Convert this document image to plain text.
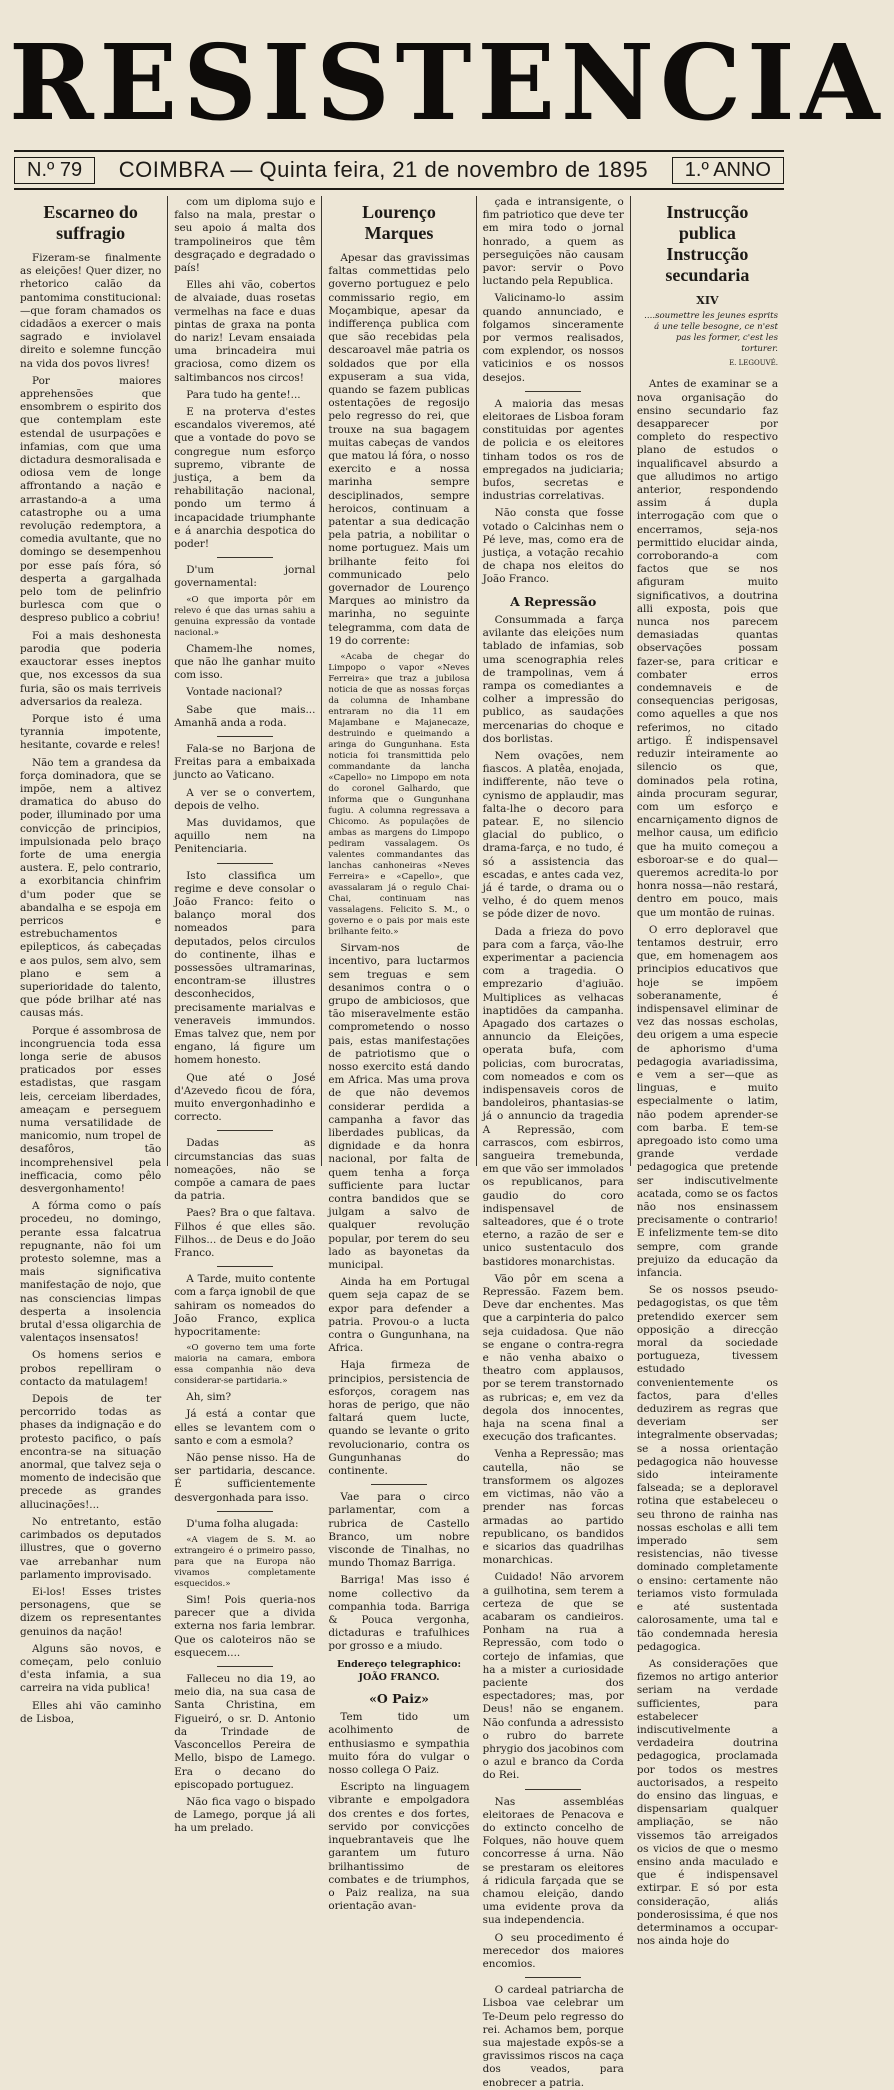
RESISTENCIA
N.º 79	COIMBRA — Quinta feira, 21 de novembro de 1895	1.º ANNO
Escarneo do suffragio

Fizeram-se finalmente as eleições! Quer dizer, no rhetorico calão da pantomima constitucional:—que foram chamados os cidadãos a exercer o mais sagrado e inviolavel direito e solemne funcção na vida dos povos livres!

Por maiores apprehensões que ensombrem o espirito dos que contemplam este estendal de usurpações e infamias, com que uma dictadura desmoralisada e odiosa vem de longe affrontando a nação e arrastando-a a uma catastrophe ou a uma revolução redemptora, a comedia avultante, que no domingo se desempenhou por esse país fóra, só desperta a gargalhada pelo tom de pelinfrio burlesca com que o despreso publico a cobriu!

Foi a mais deshonesta parodia que poderia exauctorar esses ineptos que, nos excessos da sua furia, são os mais terriveis adversarios da realeza.

Porque isto é uma tyrannia impotente, hesitante, covarde e reles!

Não tem a grandesa da força dominadora, que se impõe, nem a altivez dramatica do abuso do poder, illuminado por uma convicção de principios, impulsionada pelo braço forte de uma energia austera. E, pelo contrario, a exorbitancia chinfrim d'um poder que se abandalha e se espoja em perricos e estrebuchamentos epilepticos, ás cabeçadas e aos pulos, sem alvo, sem plano e sem a superioridade do talento, que póde brilhar até nas causas más.

Porque é assombrosa de incongruencia toda essa longa serie de abusos praticados por esses estadistas, que rasgam leis, cerceiam liberdades, ameaçam e perseguem numa versatilidade de manicomio, num tropel de desafôros, tão incomprehensivel pela inefficacia, como pêlo desvergonhamento!

A fórma como o país procedeu, no domingo, perante essa falcatrua repugnante, não foi um protesto solemne, mas a mais significativa manifestação de nojo, que nas consciencias limpas desperta a insolencia brutal d'essa oligarchia de valentaços insensatos!

Os homens serios e probos repelliram o contacto da matulagem!

Depois de ter percorrido todas as phases da indignação e do protesto pacifico, o país encontra-se na situação anormal, que talvez seja o momento de indecisão que precede as grandes allucinações!...

No entretanto, estão carimbados os deputados illustres, que o governo vae arrebanhar num parlamento improvisado.

Ei-los! Esses tristes personagens, que se dizem os representantes genuinos da nação!

Alguns são novos, e começam, pelo conluio d'esta infamia, a sua carreira na vida publica!

Elles ahi vão caminho de Lisboa,

com um diploma sujo e falso na mala, prestar o seu apoio á malta dos trampolineiros que têm desgraçado e degradado o país!

Elles ahi vão, cobertos de alvaiade, duas rosetas vermelhas na face e duas pintas de graxa na ponta do nariz! Levam ensaiada uma brincadeira mui graciosa, como dizem os saltimbancos nos circos!

Para tudo ha gente!...

E na proterva d'estes escandalos viveremos, até que a vontade do povo se congregue num esforço supremo, vibrante de justiça, a bem da rehabilitação nacional, pondo um termo á incapacidade triumphante e á anarchia despotica do poder!

D'um jornal governamental:

«O que importa pôr em relevo é que das urnas sahiu a genuina expressão da vontade nacional.»

Chamem-lhe nomes, que não lhe ganhar muito com isso.

Vontade nacional?

Sabe que mais... Amanhã anda a roda.

Fala-se no Barjona de Freitas para a embaixada juncto ao Vaticano.

A ver se o convertem, depois de velho.

Mas duvidamos, que aquillo nem na Penitenciaria.

Isto classifica um regime e deve consolar o João Franco: feito o balanço moral dos nomeados para deputados, pelos circulos do continente, ilhas e possessões ultramarinas, encontram-se illustres desconhecidos, precisamente marialvas e veneraveis immundos. Emas talvez que, nem por engano, lá figure um homem honesto.

Que até o José d'Azevedo ficou de fóra, muito envergonhadinho e correcto.

Dadas as circumstancias das suas nomeações, não se compõe a camara de paes da patria.

Paes? Bra o que faltava. Filhos é que elles são. Filhos... de Deus e do João Franco.

A Tarde, muito contente com a farça ignobil de que sahiram os nomeados do João Franco, explica hypocritamente:

«O governo tem uma forte maioria na camara, embora essa companhia não deva considerar-se partidaria.»

Ah, sim?

Já está a contar que elles se levantem com o santo e com a esmola?

Não pense nisso. Ha de ser partidaria, descance. É sufficientemente desvergonhada para isso.

D'uma folha alugada:

«A viagem de S. M. ao extrangeiro é o primeiro passo, para que na Europa não vivamos completamente esquecidos.»

Sim! Pois queria-nos parecer que a divida externa nos faria lembrar. Que os caloteiros não se esquecem....

Falleceu no dia 19, ao meio dia, na sua casa de Santa Christina, em Figueiró, o sr. D. Antonio da Trindade de Vasconcellos Pereira de Mello, bispo de Lamego. Era o decano do episcopado portuguez.

Não fica vago o bispado de Lamego, porque já ali ha um prelado.

Lourenço Marques

Apesar das gravissimas faltas commettidas pelo governo portuguez e pelo commissario regio, em Moçambique, apesar da indifferença publica com que são recebidas pela descaroavel mãe patria os soldados que por ella expuseram a sua vida, quando se fazem publicas ostentações de regosijo pelo regresso do rei, que trouxe na sua bagagem muitas cabeças de vandos que matou lá fóra, o nosso exercito e a nossa marinha sempre desciplinados, sempre heroicos, continuam a patentar a sua dedicação pela patria, a nobilitar o nome portuguez. Mais um brilhante feito foi communicado pelo governador de Lourenço Marques ao ministro da marinha, no seguinte telegramma, com data de 19 do corrente:

«Acaba de chegar do Limpopo o vapor «Neves Ferreira» que traz a jubilosa noticia de que as nossas forças da columna de Inhambane entraram no dia 11 em Majambane e Majanecaze, destruindo e queimando a aringa do Gungunhana. Esta noticia foi transmittida pelo commandante da lancha «Capello» no Limpopo em nota do coronel Galhardo, que informa que o Gungunhana fugiu. A columna regressava a Chicomo. As populações de ambas as margens do Limpopo pediram vassalagem. Os valentes commandantes das lanchas canhoneiras «Neves Ferreira» e «Capello», que avassalaram já o regulo Chai-Chai, continuam nas vassalagens. Felicito S. M., o governo e o pais por mais este brilhante feito.»

Sirvam-nos de incentivo, para luctarmos sem treguas e sem desanimos contra o o grupo de ambiciosos, que tão miseravelmente estão comprometendo o nosso pais, estas manifestações de patriotismo que o nosso exercito está dando em Africa. Mas uma prova de que não devemos considerar perdida a campanha a favor das liberdades publicas, da dignidade e da honra nacional, por falta de quem tenha a força sufficiente para luctar contra bandidos que se julgam a salvo de qualquer revolução popular, por terem do seu lado as bayonetas da municipal.

Ainda ha em Portugal quem seja capaz de se expor para defender a patria. Provou-o a lucta contra o Gungunhana, na Africa.

Haja firmeza de principios, persistencia de esforços, coragem nas horas de perigo, que não faltará quem lucte, quando se levante o grito revolucionario, contra os Gungunhanas do continente.

Vae para o circo parlamentar, com a rubrica de Castello Branco, um nobre visconde de Tinalhas, no mundo Thomaz Barriga.

Barriga! Mas isso é nome collectivo da companhia toda. Barriga & Pouca vergonha, dictaduras e trafulhices por grosso e a miudo.

Endereço telegraphico: JOÃO FRANCO.
«O Paiz»

Tem tido um acolhimento de enthusiasmo e sympathia muito fóra do vulgar o nosso collega O Paiz.

Escripto na linguagem vibrante e empolgadora dos crentes e dos fortes, servido por convicções inquebrantaveis que lhe garantem um futuro brilhantissimo de combates e de triumphos, o Paiz realiza, na sua orientação avan-

çada e intransigente, o fim patriotico que deve ter em mira todo o jornal honrado, a quem as perseguições não causam pavor: servir o Povo luctando pela Republica.

Valicinamo-lo assim quando annunciado, e folgamos sinceramente por vermos realisados, com explendor, os nossos vaticinios e os nossos desejos.

A maioria das mesas eleitoraes de Lisboa foram constituidas por agentes de policia e os eleitores tinham todos os ros de empregados na judiciaria; bufos, secretas e industrias correlativas.

Não consta que fosse votado o Calcinhas nem o Pé leve, mas, como era de justiça, a votação recahio de chapa nos eleitos do João Franco.

A Repressão

Consummada a farça avilante das eleições num tablado de infamias, sob uma scenographia reles de trampolinas, vem á rampa os comediantes a colher a impressão do publico, as saudações mercenarias do choque e dos borlistas.

Nem ovações, nem fiascos. A platêa, enojada, indifferente, não teve o cynismo de applaudir, mas falta-lhe o decoro para patear. E, no silencio glacial do publico, o drama-farça, e no tudo, é só a assistencia das escadas, e antes cada vez, já é tarde, o drama ou o velho, é do quem menos se póde dizer de novo.

Dada a frieza do povo para com a farça, vão-lhe experimentar a paciencia com a tragedia. O emprezario d'agiuão. Multiplices as velhacas inaptidões da campanha. Apagado dos cartazes o annuncio da Eleições, operata bufa, com policias, com burocratas, com nomeados e com os indispensaveis coros de bandoleiros, phantasias-se já o annuncio da tragedia A Repressão, com carrascos, com esbirros, sangueira tremebunda, em que vão ser immolados os republicanos, para gaudio do coro indispensavel de salteadores, que é o trote eterno, a razão de ser e unico sustentaculo dos bastidores monarchistas.

Vão pôr em scena a Repressão. Fazem bem. Deve dar enchentes. Mas que a carpinteria do palco seja cuidadosa. Que não se engane o contra-regra e não venha abaixo o theatro com applausos, por se terem transtornado as rubricas; e, em vez da degola dos innocentes, haja na scena final a execução dos traficantes.

Venha a Repressão; mas cautella, não se transformem os algozes em victimas, não vão a prender nas forcas armadas ao partido republicano, os bandidos e sicarios das quadrilhas monarchicas.

Cuidado! Não arvorem a guilhotina, sem terem a certeza de que se acabaram os candieiros. Ponham na rua a Repressão, com todo o cortejo de infamias, que ha a mister a curiosidade paciente dos espectadores; mas, por Deus! não se enganem. Não confunda a adressisto o rubro do barrete phrygio dos jacobinos com o azul e branco da Corda do Rei.

Nas assembléas eleitoraes de Penacova e do extincto concelho de Folques, não houve quem concorresse á urna. Não se prestaram os eleitores á ridicula farçada que se chamou eleição, dando uma evidente prova da sua independencia.

O seu procedimento é merecedor dos maiores encomios.

O cardeal patriarcha de Lisboa vae celebrar um Te-Deum pelo regresso do rei. Achamos bem, porque sua majestade expôs-se a gravissimos riscos na caça dos veados, para enobrecer a patria.

Instrucção publica
Instrucção secundaria
XIV
....soumettre les jeunes esprits á une telle besogne, ce n'est pas les former, c'est les torturer.
E. LEGOUVÉ.

Antes de examinar se a nova organisação do ensino secundario faz desapparecer por completo do respectivo plano de estudos o inqualificavel absurdo a que alludimos no artigo anterior, respondendo assim á dupla interrogação com que o encerramos, seja-nos permittido elucidar ainda, corroborando-a com factos que se nos afiguram muito significativos, a doutrina alli exposta, pois que nunca nos parecem demasiadas quantas observações possam fazer-se, para criticar e combater erros condemnaveis e de consequencias perigosas, como aquelles a que nos referimos, no citado artigo. É indispensavel reduzir inteiramente ao silencio os que, dominados pela rotina, ainda procuram segurar, com um esforço e encarniçamento dignos de melhor causa, um edificio que ha muito começou a esboroar-se e do qual—queremos acredita-lo por honra nossa—não restará, dentro em pouco, mais que um montão de ruinas.

O erro deploravel que tentamos destruir, erro que, em homenagem aos principios educativos que hoje se impõem soberanamente, é indispensavel eliminar de vez das nossas escholas, deu origem a uma especie de aphorismo d'uma pedagogia avariadissima, e vem a ser—que as linguas, e muito especialmente o latim, não podem aprender-se com barba. E tem-se apregoado isto como uma grande verdade pedagogica que pretende ser indiscutivelmente acatada, como se os factos não nos ensinassem precisamente o contrario! E infelizmente tem-se dito sempre, com grande prejuizo da educação da infancia.

Se os nossos pseudo-pedagogistas, os que têm pretendido exercer sem opposição a direcção moral da sociedade portugueza, tivessem estudado convenientemente os factos, para d'elles deduzirem as regras que deveriam ser integralmente observadas; se a nossa orientação pedagogica não houvesse sido inteiramente falseada; se a deploravel rotina que estabeleceu o seu throno de rainha nas nossas escholas e alli tem imperado sem resistencias, não tivesse dominado completamente o ensino: certamente não teriamos visto formulada e até sustentada calorosamente, uma tal e tão condemnada heresia pedagogica.

As considerações que fizemos no artigo anterior seriam na verdade sufficientes, para estabelecer indiscutivelmente a verdadeira doutrina pedagogica, proclamada por todos os mestres auctorisados, a respeito do ensino das linguas, e dispensariam qualquer ampliação, se não vissemos tão arreigados os vicios de que o mesmo ensino anda maculado e que é indispensavel extirpar. E só por esta consideração, aliás ponderosissima, é que nos determinamos a occupar-nos ainda hoje do
